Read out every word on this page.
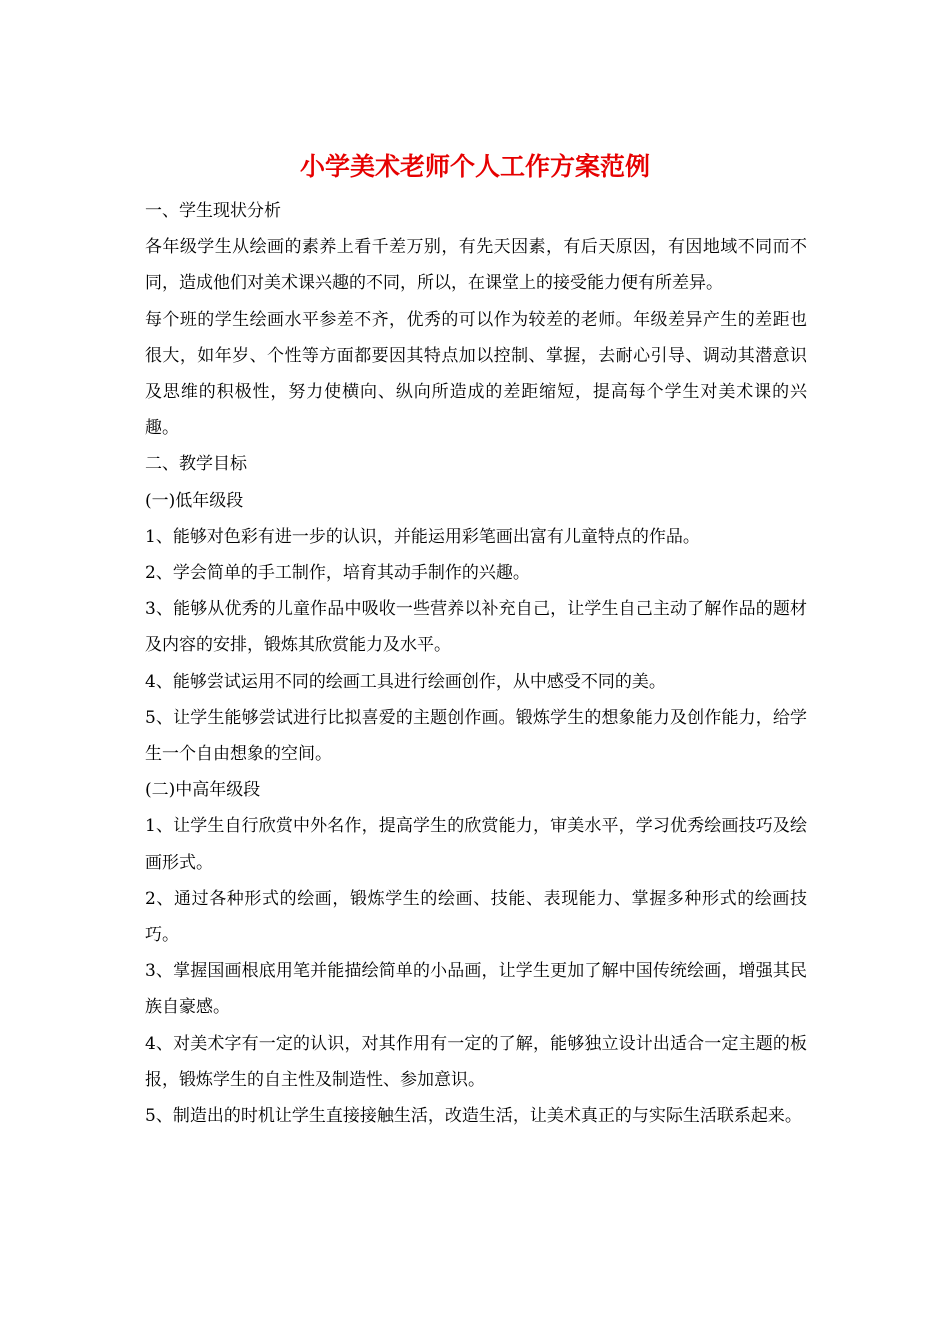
小学美术老师个人工作方案范例

一、学生现状分析

各年级学生从绘画的素养上看千差万别，有先天因素，有后天原因，有因地域不同而不同，造成他们对美术课兴趣的不同，所以，在课堂上的接受能力便有所差异。

每个班的学生绘画水平参差不齐，优秀的可以作为较差的老师。年级差异产生的差距也很大，如年岁、个性等方面都要因其特点加以控制、掌握，去耐心引导、调动其潜意识及思维的积极性，努力使横向、纵向所造成的差距缩短，提高每个学生对美术课的兴趣。

二、教学目标

(一)低年级段

1、能够对色彩有进一步的认识，并能运用彩笔画出富有儿童特点的作品。

2、学会简单的手工制作，培育其动手制作的兴趣。

3、能够从优秀的儿童作品中吸收一些营养以补充自己，让学生自己主动了解作品的题材及内容的安排，锻炼其欣赏能力及水平。

4、能够尝试运用不同的绘画工具进行绘画创作，从中感受不同的美。

5、让学生能够尝试进行比拟喜爱的主题创作画。锻炼学生的想象能力及创作能力，给学生一个自由想象的空间。

(二)中高年级段

1、让学生自行欣赏中外名作，提高学生的欣赏能力，审美水平，学习优秀绘画技巧及绘画形式。

2、通过各种形式的绘画，锻炼学生的绘画、技能、表现能力、掌握多种形式的绘画技巧。

3、掌握国画根底用笔并能描绘简单的小品画，让学生更加了解中国传统绘画，增强其民族自豪感。

4、对美术字有一定的认识，对其作用有一定的了解，能够独立设计出适合一定主题的板报，锻炼学生的自主性及制造性、参加意识。

5、制造出的时机让学生直接接触生活，改造生活，让美术真正的与实际生活联系起来。
